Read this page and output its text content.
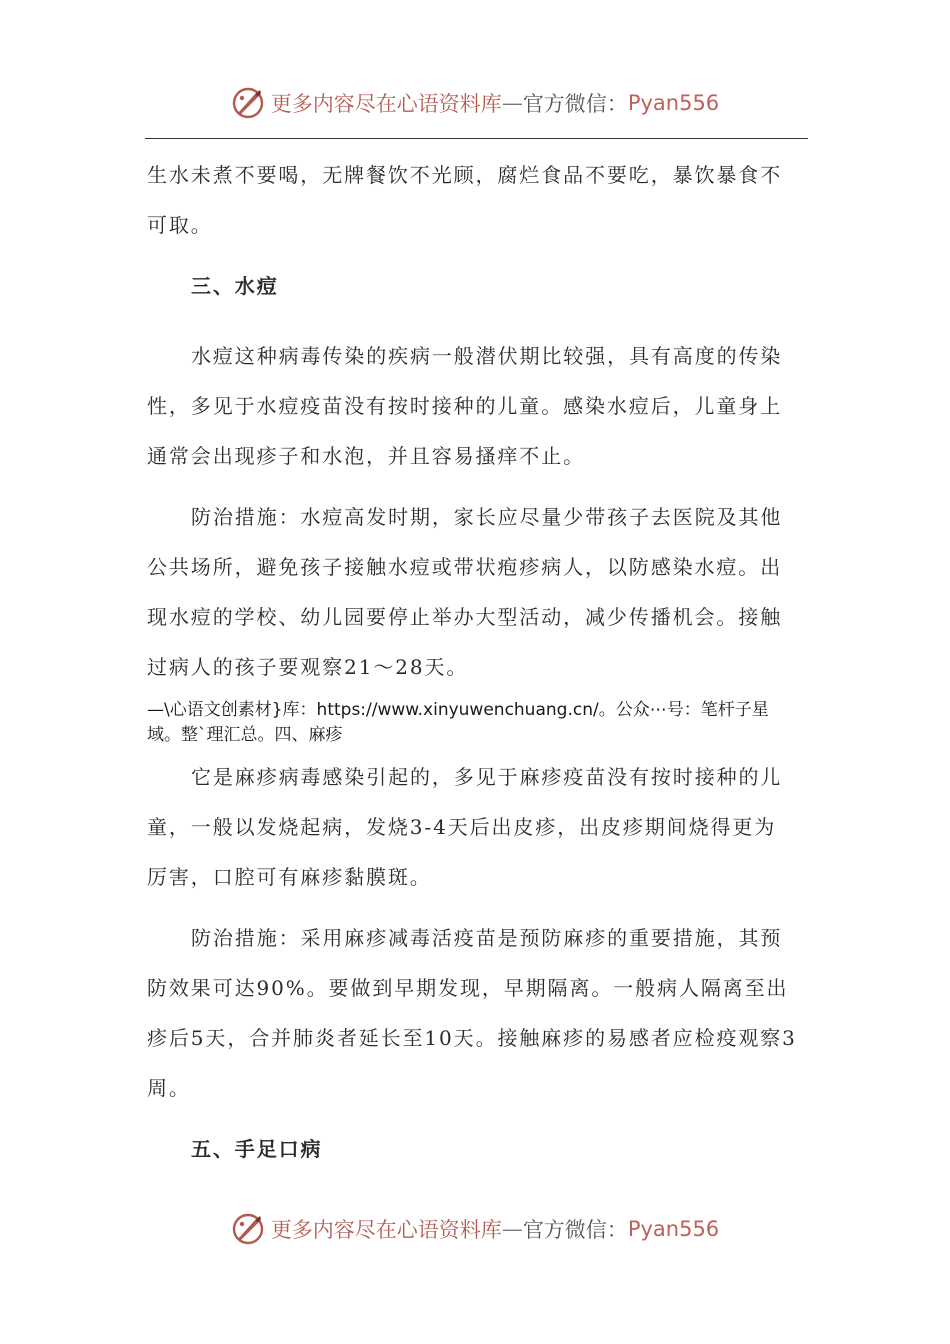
更多内容尽在心语资料库 — 官方微信： Pyan556

生水未煮不要喝，无牌餐饮不光顾，腐烂食品不要吃，暴饮暴食不可取。

三、水痘

水痘这种病毒传染的疾病一般潜伏期比较强，具有高度的传染性，多见于水痘疫苗没有按时接种的儿童。感染水痘后，儿童身上通常会出现疹子和水泡，并且容易搔痒不止。

防治措施：水痘高发时期，家长应尽量少带孩子去医院及其他公共场所，避免孩子接触水痘或带状疱疹病人，以防感染水痘。出现水痘的学校、幼儿园要停止举办大型活动，减少传播机会。接触过病人的孩子要观察21～28天。

—\心语文创素材}库：https://www.xinyuwenchuang.cn/。公众⋯号：笔杆子星域。整`理汇总。四、麻疹

它是麻疹病毒感染引起的，多见于麻疹疫苗没有按时接种的儿童，一般以发烧起病，发烧3-4天后出皮疹，出皮疹期间烧得更为厉害，口腔可有麻疹黏膜斑。

防治措施：采用麻疹减毒活疫苗是预防麻疹的重要措施，其预防效果可达90%。要做到早期发现，早期隔离。一般病人隔离至出疹后5天，合并肺炎者延长至10天。接触麻疹的易感者应检疫观察3周。

五、手足口病

更多内容尽在心语资料库 — 官方微信： Pyan556
